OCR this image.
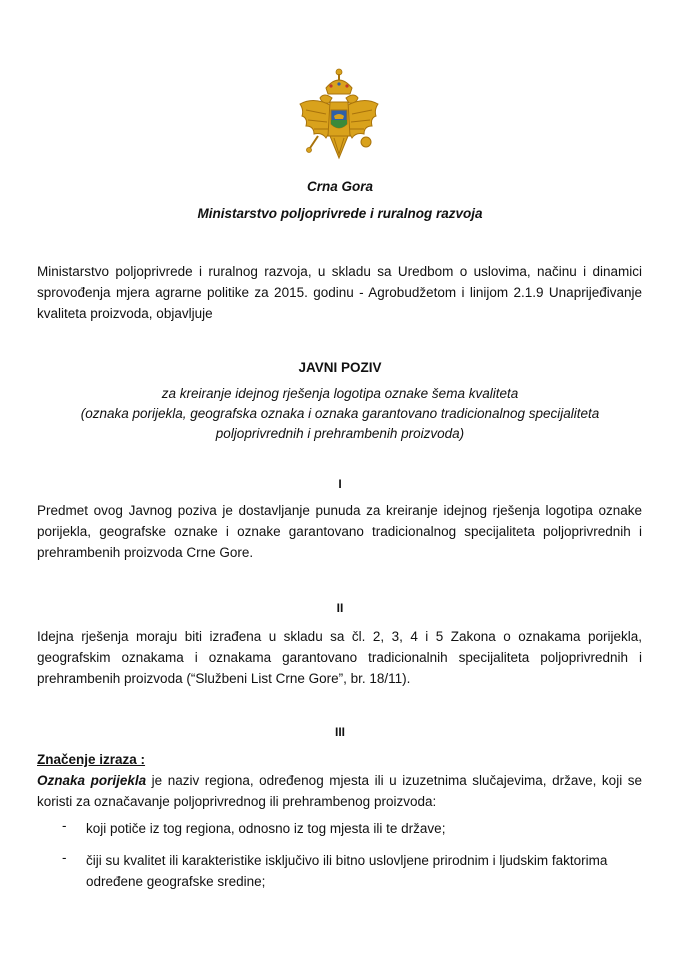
Crna Gora
Ministarstvo poljoprivrede i ruralnog razvoja
Ministarstvo poljoprivrede i ruralnog razvoja, u skladu sa Uredbom o uslovima, načinu i dinamici sprovođenja mjera agrarne politike za 2015. godinu - Agrobudžetom i linijom 2.1.9 Unaprijeđivanje kvaliteta proizvoda, objavljuje
JAVNI POZIV
za kreiranje idejnog rješenja logotipa oznake šema kvaliteta
(oznaka porijekla, geografska oznaka i oznaka garantovano tradicionalnog specijaliteta
poljoprivrednih i prehrambenih proizvoda)
I
Predmet ovog Javnog poziva je dostavljanje punuda za kreiranje idejnog rješenja logotipa oznake porijekla, geografske oznake i oznake garantovano tradicionalnog specijaliteta poljoprivrednih i prehrambenih proizvoda Crne Gore.
II
Idejna rješenja moraju biti izrađena u skladu sa čl. 2, 3, 4 i 5 Zakona o oznakama porijekla, geografskim oznakama i oznakama garantovano tradicionalnih specijaliteta poljoprivrednih i prehrambenih proizvoda (“Službeni List Crne Gore”, br. 18/11).
III
Značenje izraza :
Oznaka porijekla je naziv regiona, određenog mjesta ili u izuzetnima slučajevima, države, koji se koristi za označavanje poljoprivrednog ili prehrambenog proizvoda:
- koji potiče iz tog regiona, odnosno iz tog mjesta ili te države;
- čiji su kvalitet ili karakteristike isključivo ili bitno uslovljene prirodnim i ljudskim faktorima određene geografske sredine;
